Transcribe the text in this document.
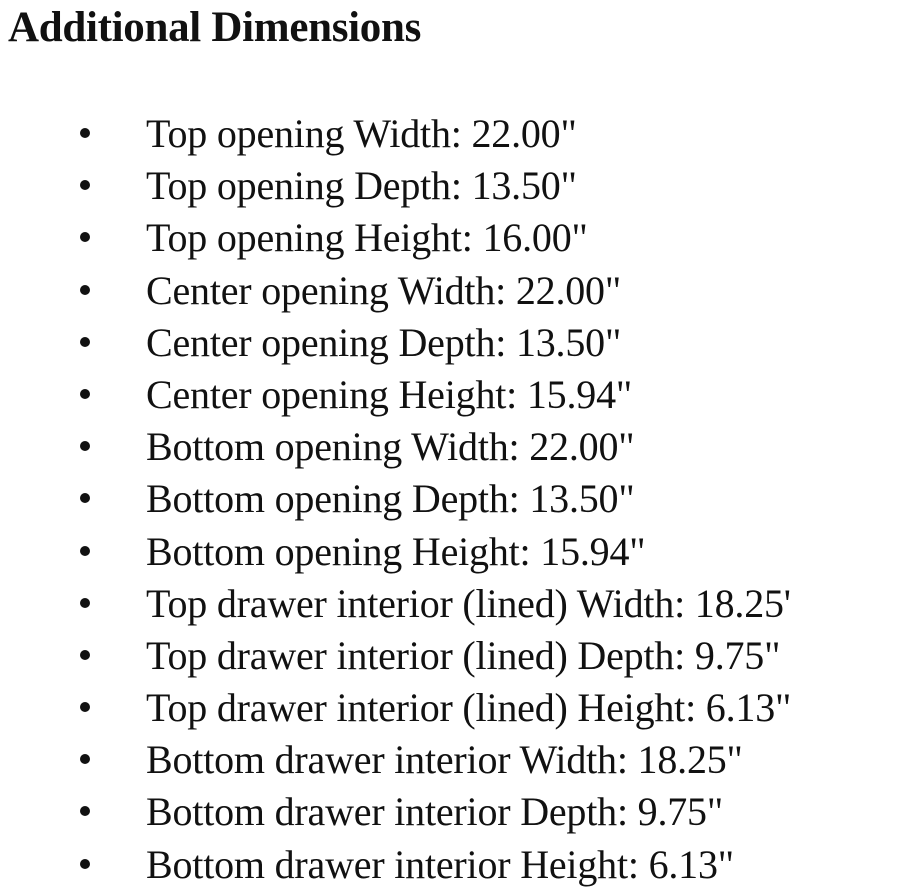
Additional Dimensions
Top opening Width: 22.00"
Top opening Depth: 13.50"
Top opening Height: 16.00"
Center opening Width: 22.00"
Center opening Depth: 13.50"
Center opening Height: 15.94"
Bottom opening Width: 22.00"
Bottom opening Depth: 13.50"
Bottom opening Height: 15.94"
Top drawer interior (lined) Width: 18.25'
Top drawer interior (lined) Depth: 9.75"
Top drawer interior (lined) Height: 6.13"
Bottom drawer interior Width: 18.25"
Bottom drawer interior Depth: 9.75"
Bottom drawer interior Height: 6.13"
